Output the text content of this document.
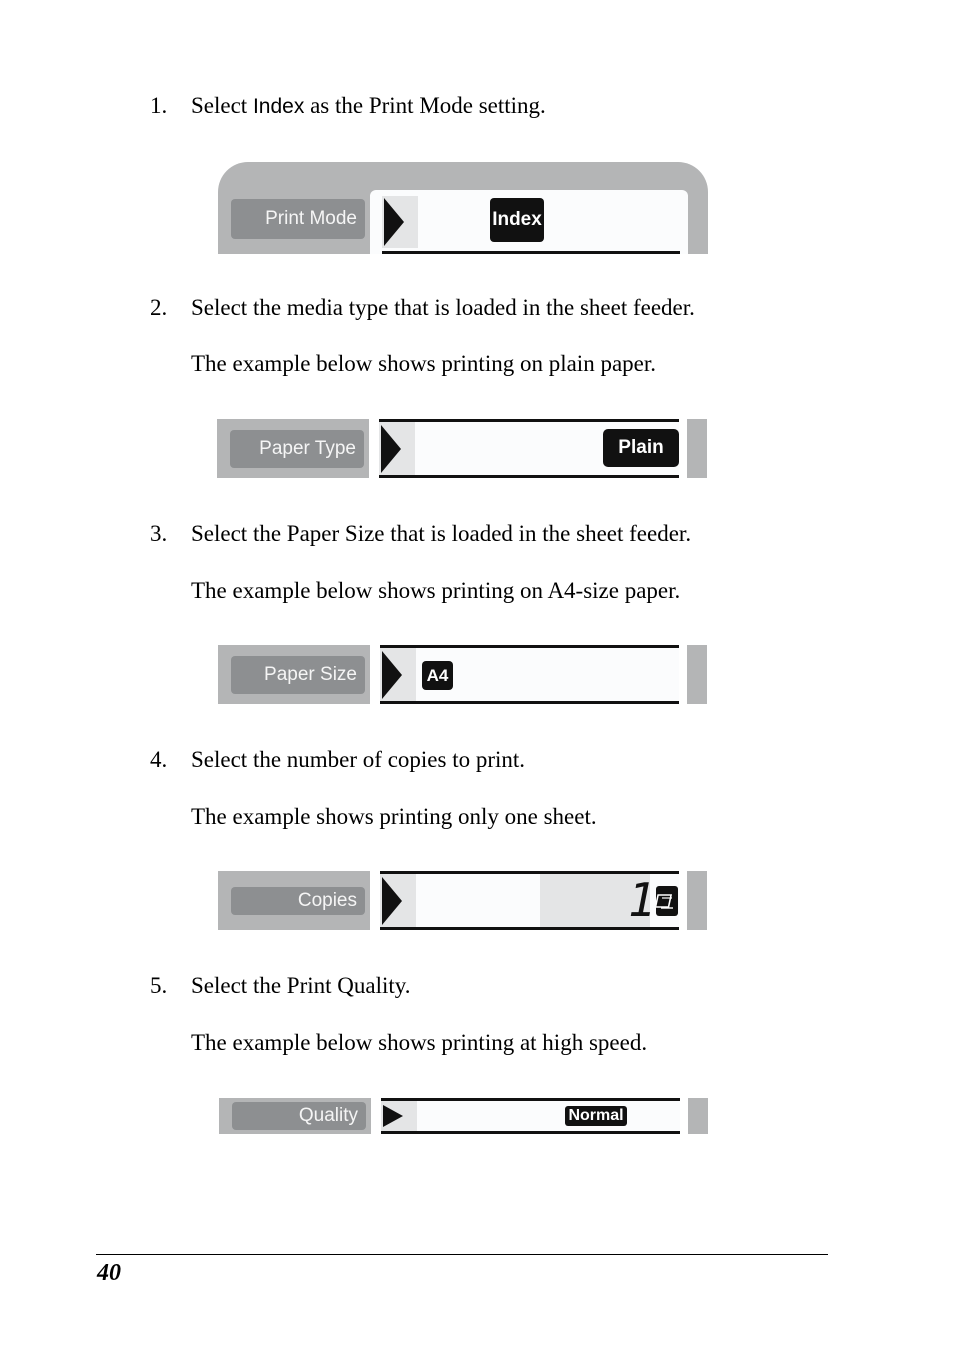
1. Select Index as the Print Mode setting.
Print Mode	Index
2. Select the media type that is loaded in the sheet feeder.
The example below shows printing on plain paper.
Paper Type	Plain
3. Select the Paper Size that is loaded in the sheet feeder.
The example below shows printing on A4-size paper.
Paper Size	A4
4. Select the number of copies to print.
The example shows printing only one sheet.
Copies	1
5. Select the Print Quality.
The example below shows printing at high speed.
Quality	Normal
40
